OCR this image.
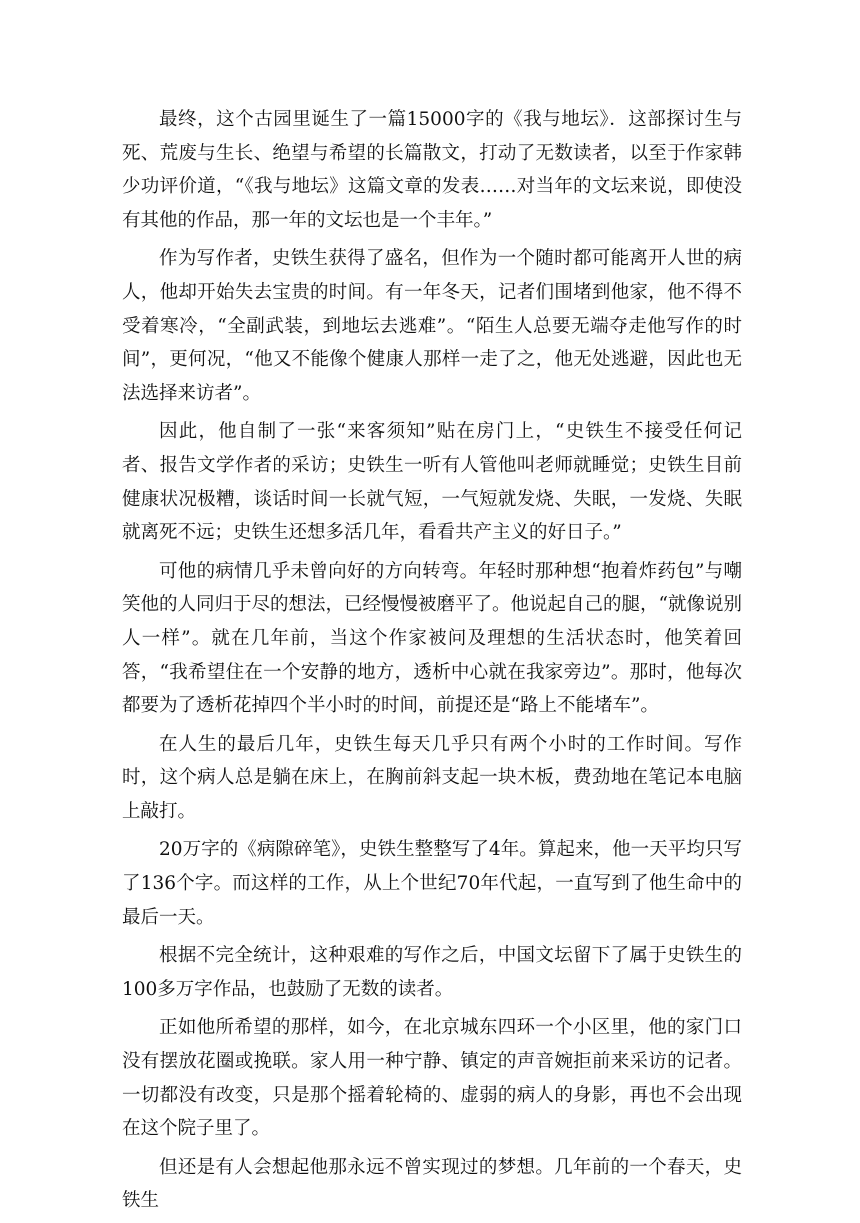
最终，这个古园里诞生了一篇15000字的《我与地坛》．这部探讨生与死、荒废与生长、绝望与希望的长篇散文，打动了无数读者，以至于作家韩少功评价道，“《我与地坛》这篇文章的发表……对当年的文坛来说，即使没有其他的作品，那一年的文坛也是一个丰年。”

作为写作者，史铁生获得了盛名，但作为一个随时都可能离开人世的病人，他却开始失去宝贵的时间。有一年冬天，记者们围堵到他家，他不得不受着寒冷，“全副武装，到地坛去逃难”。“陌生人总要无端夺走他写作的时间”，更何况，“他又不能像个健康人那样一走了之，他无处逃避，因此也无法选择来访者”。

因此，他自制了一张“来客须知”贴在房门上，“史铁生不接受任何记者、报告文学作者的采访；史铁生一听有人管他叫老师就睡觉；史铁生目前健康状况极糟，谈话时间一长就气短，一气短就发烧、失眠，一发烧、失眠就离死不远；史铁生还想多活几年，看看共产主义的好日子。”

可他的病情几乎未曾向好的方向转弯。年轻时那种想“抱着炸药包”与嘲笑他的人同归于尽的想法，已经慢慢被磨平了。他说起自己的腿，“就像说别人一样”。就在几年前，当这个作家被问及理想的生活状态时，他笑着回答，“我希望住在一个安静的地方，透析中心就在我家旁边”。那时，他每次都要为了透析花掉四个半小时的时间，前提还是“路上不能堵车”。

在人生的最后几年，史铁生每天几乎只有两个小时的工作时间。写作时，这个病人总是躺在床上，在胸前斜支起一块木板，费劲地在笔记本电脑上敲打。

20万字的《病隙碎笔》，史铁生整整写了4年。算起来，他一天平均只写了136个字。而这样的工作，从上个世纪70年代起，一直写到了他生命中的最后一天。

根据不完全统计，这种艰难的写作之后，中国文坛留下了属于史铁生的100多万字作品，也鼓励了无数的读者。

正如他所希望的那样，如今，在北京城东四环一个小区里，他的家门口没有摆放花圈或挽联。家人用一种宁静、镇定的声音婉拒前来采访的记者。一切都没有改变，只是那个摇着轮椅的、虚弱的病人的身影，再也不会出现在这个院子里了。

但还是有人会想起他那永远不曾实现过的梦想。几年前的一个春天，史铁生
